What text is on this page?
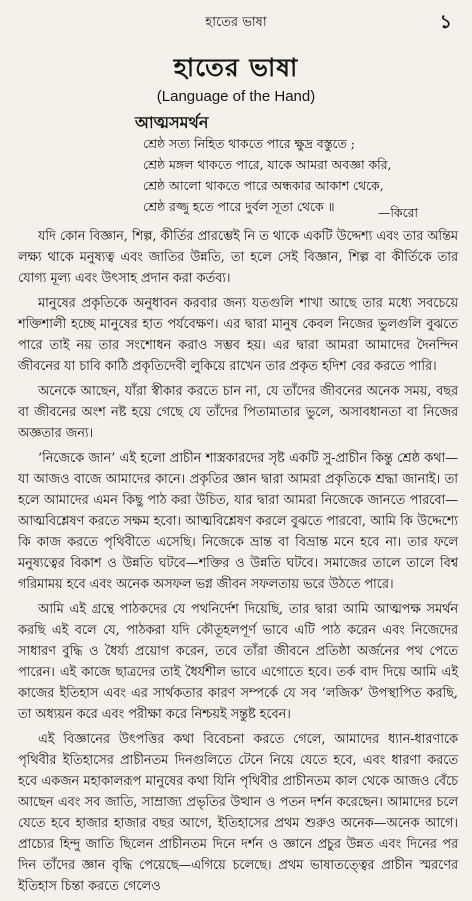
হাতের ভাষা	১
হাতের ভাষা
(Language of the Hand)
আত্মসমর্থন
শ্রেষ্ঠ সত্য নিহিত থাকতে পারে ক্ষুদ্র বস্তুতে ;
শ্রেষ্ঠ মঙ্গল থাকতে পারে, যাকে আমরা অবজ্ঞা করি,
শ্রেষ্ঠ আলো থাকতে পারে অন্ধকার আকাশ থেকে,
শ্রেষ্ঠ রজ্জু হতে পারে দুর্বল সূতা থেকে ॥	—কিরো

যদি কোন বিজ্ঞান, শিল্প, কীর্তির প্রারম্ভেই নি ত থাকে একটি উদ্দেশ্য এবং তার অন্তিম লক্ষ্য থাকে মনুষ্যত্ব এবং জাতির উন্নতি, তা হলে সেই বিজ্ঞান, শিল্প বা কীর্তিকে তার যোগ্য মূল্য এবং উৎসাহ প্রদান করা কর্তব্য।

মানুষের প্রকৃতিকে অনুধাবন করবার জন্য যতগুলি শাখা আছে তার মধ্যে সবচেয়ে শক্তিশালী হচ্ছে মানুষের হাত পর্যবেক্ষণ। এর দ্বারা মানুষ কেবল নিজের ভুলগুলি বুঝতে পারে তাই নয় তার সংশোধন করাও সম্ভব হয়। এর দ্বারা আমরা আমাদের দৈনন্দিন জীবনের যা চাবি কাঠি প্রকৃতিদেবী লুকিয়ে রাখেন তার প্রকৃত হদিশ বের করতে পারি।

অনেকে আছেন, যাঁরা স্বীকার করতে চান না, যে তাঁদের জীবনের অনেক সময়, বছর বা জীবনের অংশ নষ্ট হয়ে গেছে যে তাঁদের পিতামাতার ভুলে, অসাবধানতা বা নিজের অজ্ঞতার জন্য।

‘নিজেকে জান’ এই হলো প্রাচীন শাস্ত্রকারদের সৃষ্ট একটি সু-প্রাচীন কিন্তু শ্রেষ্ঠ কথা—যা আজও বাজে আমাদের কানে। প্রকৃতির জ্ঞান দ্বারা আমরা প্রকৃতিকে শ্রদ্ধা জানাই। তা হলে আমাদের এমন কিছু পাঠ করা উচিত, যার দ্বারা আমরা নিজেকে জানতে পারবো—আত্মবিশ্লেষণ করতে সক্ষম হবো। আত্মবিশ্লেষণ করলে বুঝতে পারবো, আমি কি উদ্দেশ্যে কি কাজ করতে পৃথিবীতে এসেছি। নিজেকে ভ্রান্ত বা বিভ্রান্ত মনে হবে না। তার ফলে মনুষ্যত্বের বিকাশ ও উন্নতি ঘটবে—শক্তির ও উন্নতি ঘটবে। সমাজের তালে তালে বিশ্ব গরিমাময় হবে এবং অনেক অসফল ভগ্ন জীবন সফলতায় ভরে উঠতে পারে।

আমি এই গ্রন্থে পাঠকদের যে পথনির্দেশ দিয়েছি, তার দ্বারা আমি আত্মপক্ষ সমর্থন করছি এই বলে যে, পাঠকরা যদি কৌতূহলপূর্ণ ভাবে এটি পাঠ করেন এবং নিজেদের সাধারণ বুদ্ধি ও ধৈর্য্য প্রয়োগ করেন, তবে তাঁরা জীবনে প্রতিষ্ঠা অর্জনের পথ পেতে পারেন। এই কাজে ছাত্রদের তাই ধৈর্যশীল ভাবে এগোতে হবে। তর্ক বাদ দিয়ে আমি এই কাজের ইতিহাস এবং এর সার্থকতার কারণ সম্পর্কে যে সব ‘লজিক’ উপস্থাপিত করছি, তা অধ্যয়ন করে এবং পরীক্ষা করে নিশ্চয়ই সন্তুষ্ট হবেন।

এই বিজ্ঞানের উৎপত্তির কথা বিবেচনা করতে গেলে, আমাদের ধ্যান-ধারণাকে পৃথিবীর ইতিহাসের প্রাচীনতম দিনগুলিতে টেনে নিয়ে যেতে হবে, এবং ধারণা করতে হবে একজন মহাকালরূপ মানুষের কথা যিনি পৃথিবীর প্রাচীনতম কাল থেকে আজও বেঁচে আছেন এবং সব জাতি, সাম্রাজ্য প্রভৃতির উত্থান ও পতন দর্শন করেছেন। আমাদের চলে যেতে হবে হাজার হাজার বছর আগে, ইতিহাসের প্রথম শুরুও অনেক—অনেক আগে। প্রাচ্যের হিন্দু জাতি ছিলেন প্রাচীনতম দিনে দর্শন ও জ্ঞানে প্রচুর উন্নত এবং দিনের পর দিন তাঁদের জ্ঞান বৃদ্ধি পেয়েছে—এগিয়ে চলেছে। প্রথম ভাষাতত্ত্বের প্রাচীন স্মরণের ইতিহাস চিন্তা করতে গেলেও
